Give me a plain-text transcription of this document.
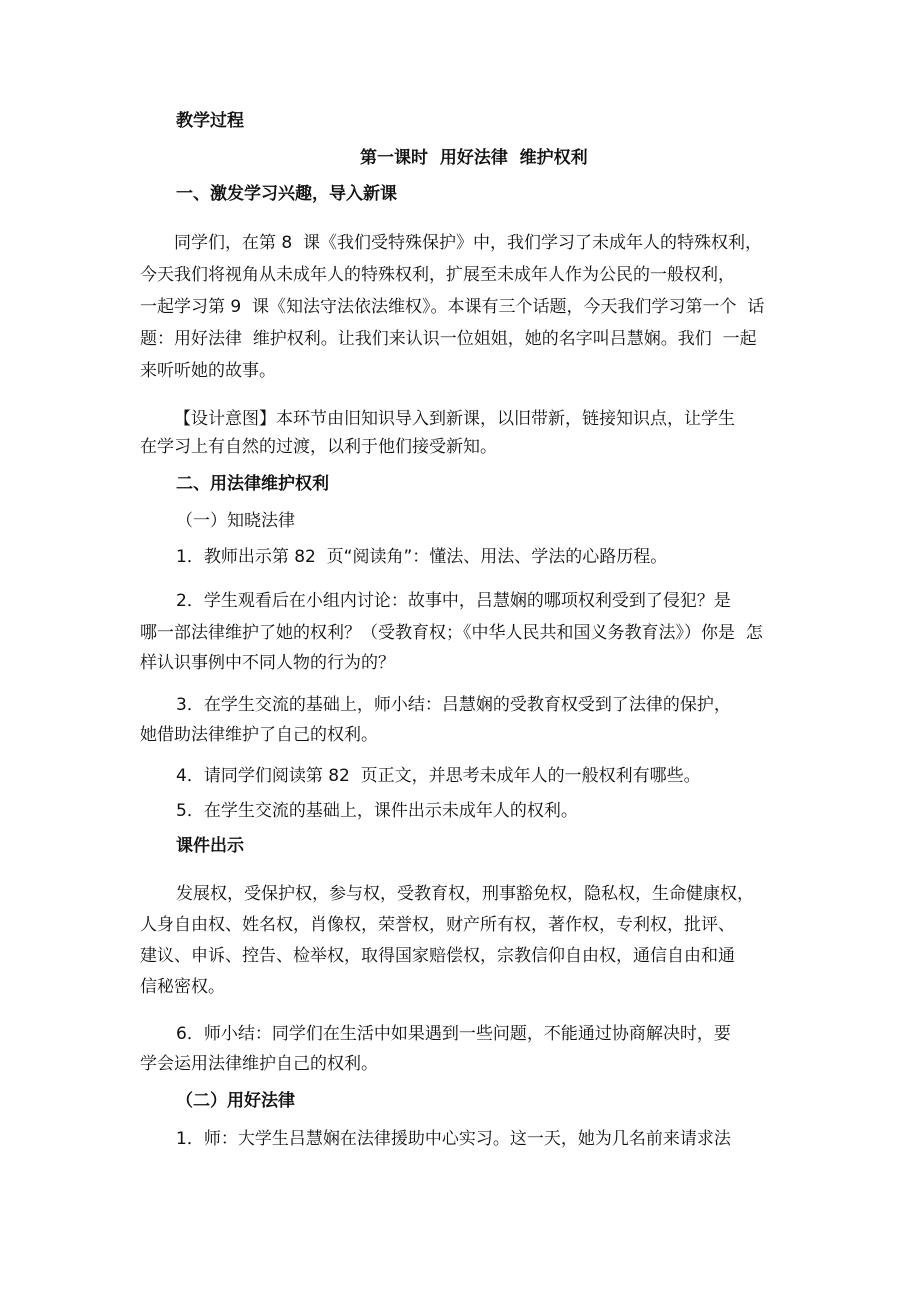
教学过程
第一课时  用好法律  维护权利
一、激发学习兴趣，导入新课
同学们，在第 8  课《我们受特殊保护》中，我们学习了未成年人的特殊权利，
今天我们将视角从未成年人的特殊权利，扩展至未成年人作为公民的一般权利，
一起学习第 9  课《知法守法依法维权》。本课有三个话题，今天我们学习第一个  话
题：用好法律  维护权利。让我们来认识一位姐姐，她的名字叫吕慧娴。我们  一起
来听听她的故事。
【设计意图】本环节由旧知识导入到新课，以旧带新，链接知识点，让学生
在学习上有自然的过渡，以利于他们接受新知。
二、用法律维护权利
（一）知晓法律
1．教师出示第 82  页“阅读角”：懂法、用法、学法的心路历程。
2．学生观看后在小组内讨论：故事中，吕慧娴的哪项权利受到了侵犯？是
哪一部法律维护了她的权利？（受教育权；《中华人民共和国义务教育法》）你是  怎
样认识事例中不同人物的行为的？
3．在学生交流的基础上，师小结：吕慧娴的受教育权受到了法律的保护，
她借助法律维护了自己的权利。
4．请同学们阅读第 82  页正文，并思考未成年人的一般权利有哪些。
5．在学生交流的基础上，课件出示未成年人的权利。
课件出示
发展权，受保护权，参与权，受教育权，刑事豁免权，隐私权，生命健康权，
人身自由权、姓名权，肖像权，荣誉权，财产所有权，著作权，专利权，批评、
建议、申诉、控告、检举权，取得国家赔偿权，宗教信仰自由权，通信自由和通
信秘密权。
6．师小结：同学们在生活中如果遇到一些问题，不能通过协商解决时，要
学会运用法律维护自己的权利。
（二）用好法律
1．师：大学生吕慧娴在法律援助中心实习。这一天，她为几名前来请求法
